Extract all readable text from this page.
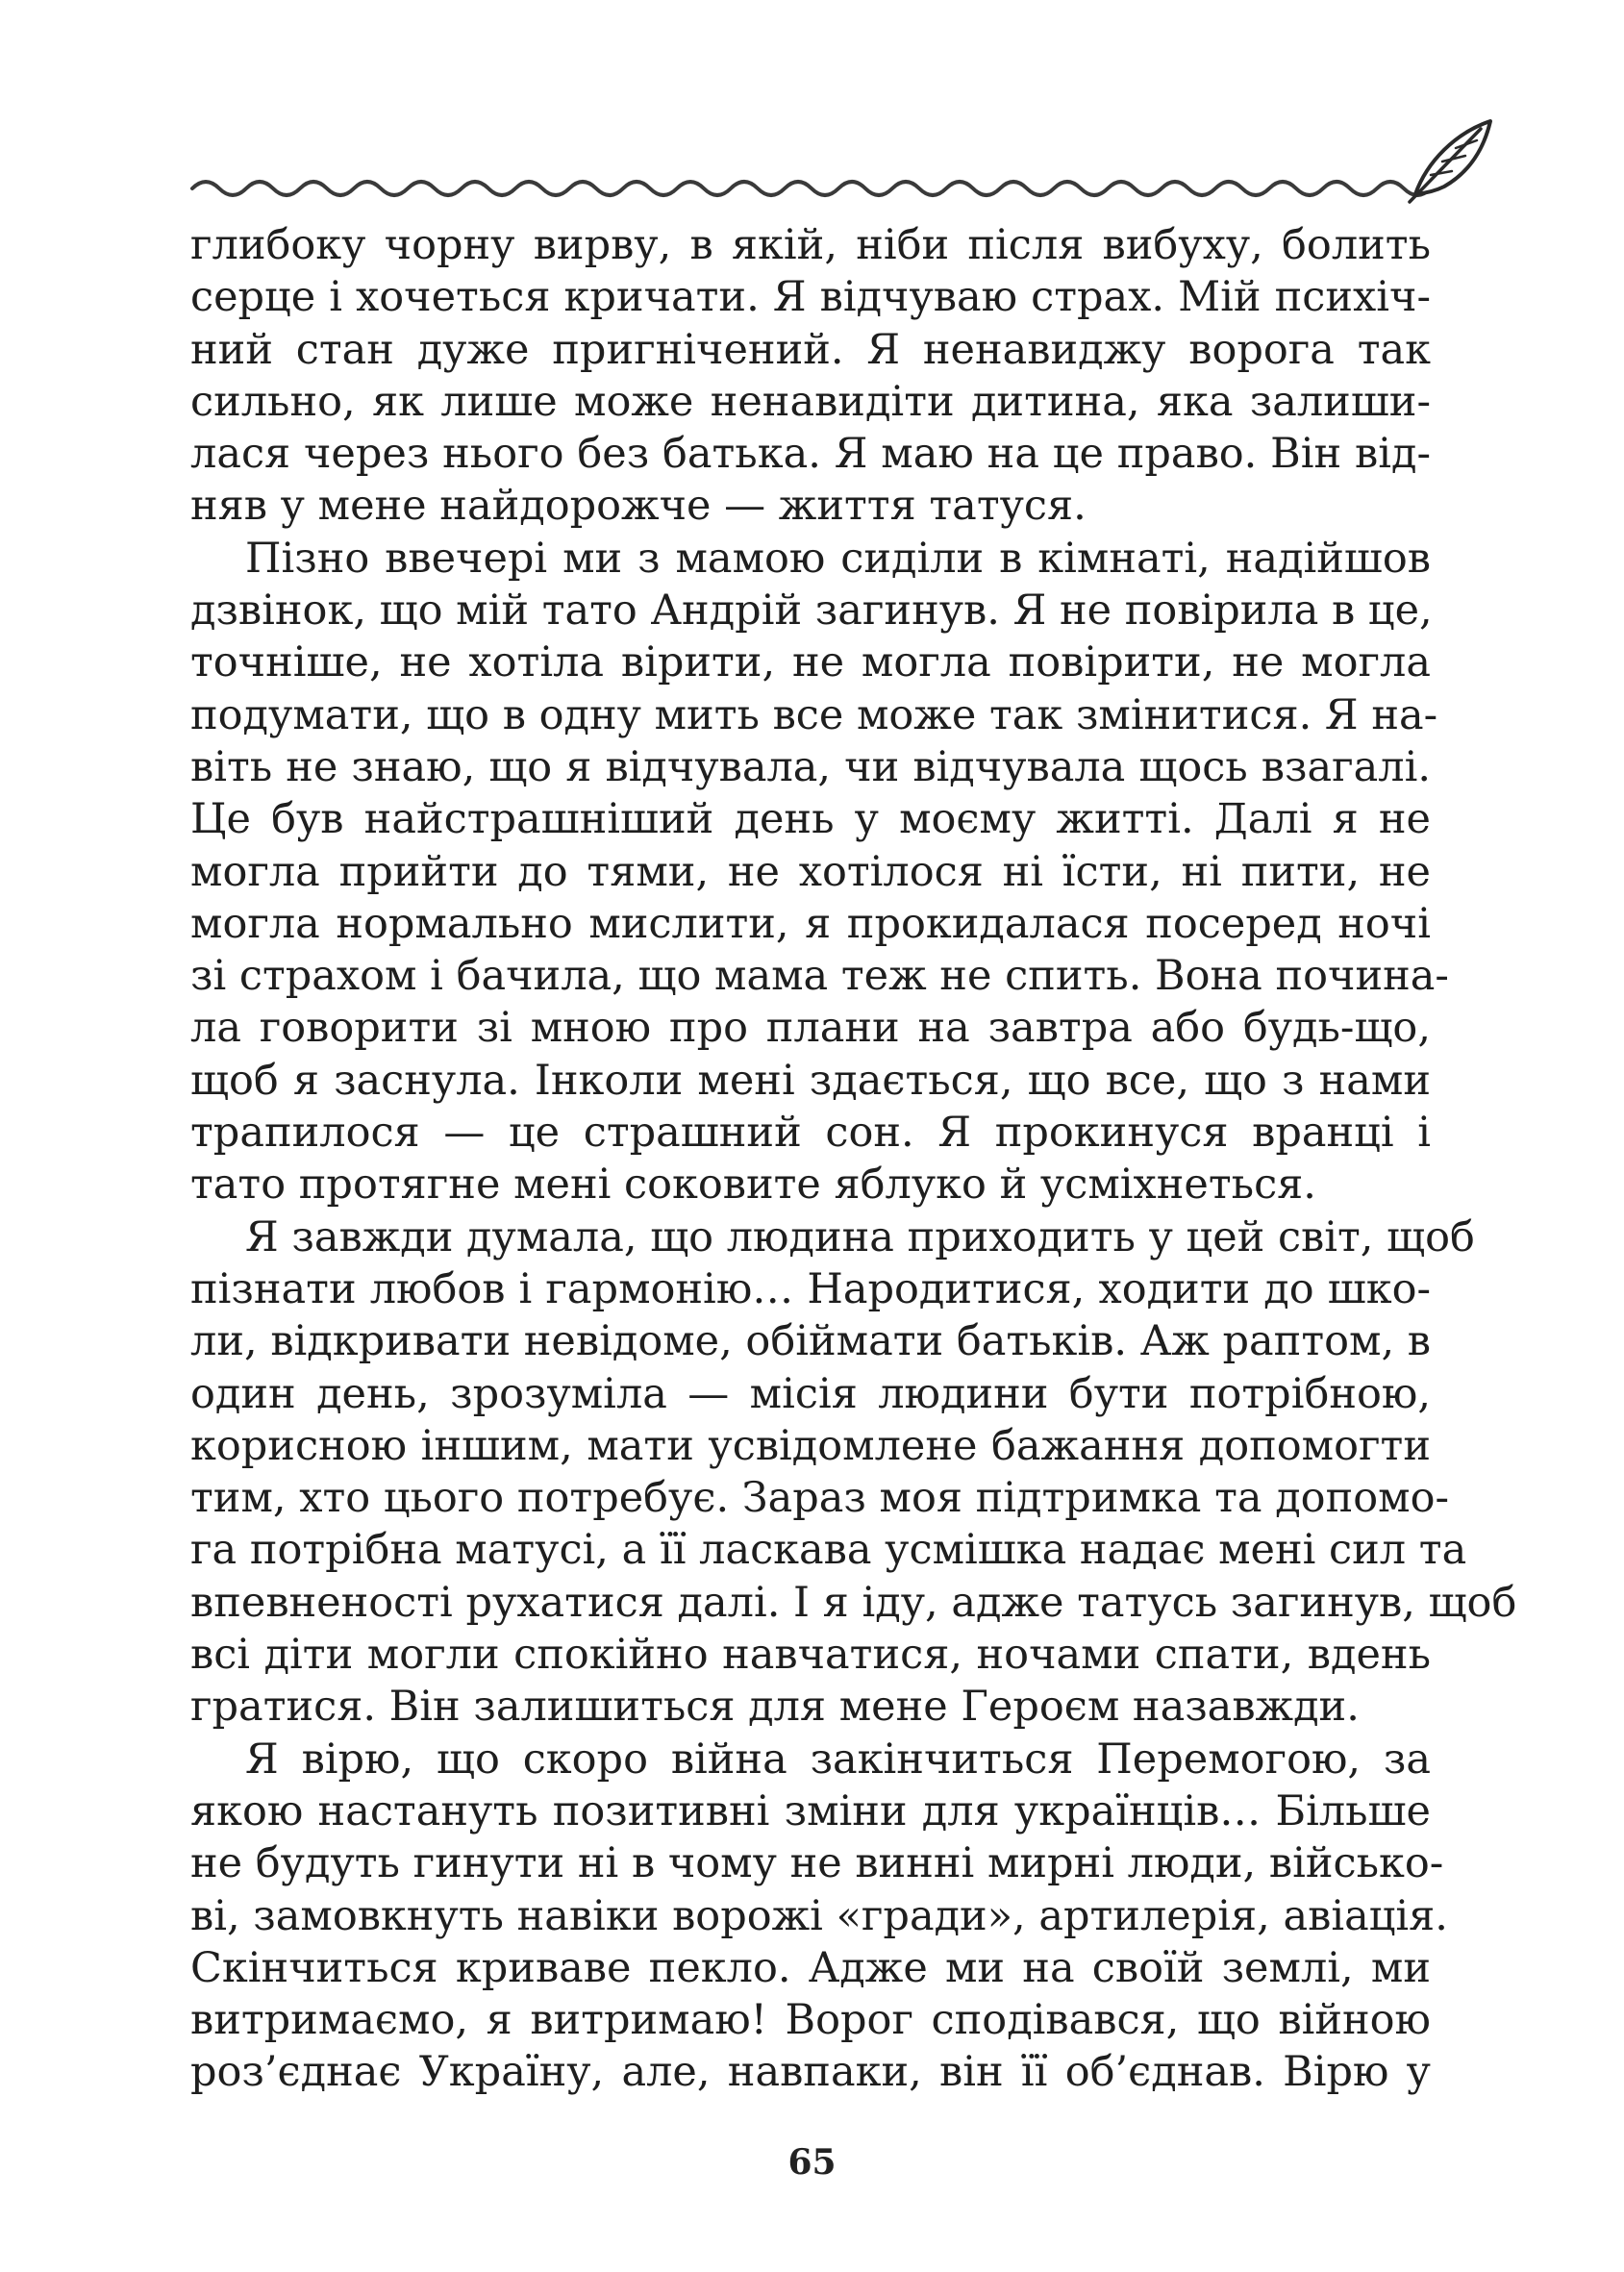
глибоку чорну вирву, в якій, ніби після вибуху, болить
серце і хочеться кричати. Я відчуваю страх. Мій психіч-
ний стан дуже пригнічений. Я ненавиджу ворога так
сильно, як лише може ненавидіти дитина, яка залиши-
лася через нього без батька. Я маю на це право. Він від-
няв у мене найдорожче — життя татуся.
Пізно ввечері ми з мамою сиділи в кімнаті, надійшов
дзвінок, що мій тато Андрій загинув. Я не повірила в це,
точніше, не хотіла вірити, не могла повірити, не могла
подумати, що в одну мить все може так змінитися. Я на-
віть не знаю, що я відчувала, чи відчувала щось взагалі.
Це був найстрашніший день у моєму житті. Далі я не
могла прийти до тями, не хотілося ні їсти, ні пити, не
могла нормально мислити, я прокидалася посеред ночі
зі страхом і бачила, що мама теж не спить. Вона почина-
ла говорити зі мною про плани на завтра або будь-що,
щоб я заснула. Інколи мені здається, що все, що з нами
трапилося — це страшний сон. Я прокинуся вранці і
тато протягне мені соковите яблуко й усміхнеться.
Я завжди думала, що людина приходить у цей світ, щоб
пізнати любов і гармонію… Народитися, ходити до шко-
ли, відкривати невідоме, обіймати батьків. Аж раптом, в
один день, зрозуміла — місія людини бути потрібною,
корисною іншим, мати усвідомлене бажання допомогти
тим, хто цього потребує. Зараз моя підтримка та допомо-
га потрібна матусі, а її ласкава усмішка надає мені сил та
впевненості рухатися далі. І я іду, адже татусь загинув, щоб
всі діти могли спокійно навчатися, ночами спати, вдень
гратися. Він залишиться для мене Героєм назавжди.
Я вірю, що скоро війна закінчиться Перемогою, за
якою настануть позитивні зміни для українців… Більше
не будуть гинути ні в чому не винні мирні люди, військо-
ві, замовкнуть навіки ворожі «гради», артилерія, авіація.
Скінчиться криваве пекло. Адже ми на своїй землі, ми
витримаємо, я витримаю! Ворог сподівався, що війною
роз’єднає Україну, але, навпаки, він її об’єднав. Вірю у
65
